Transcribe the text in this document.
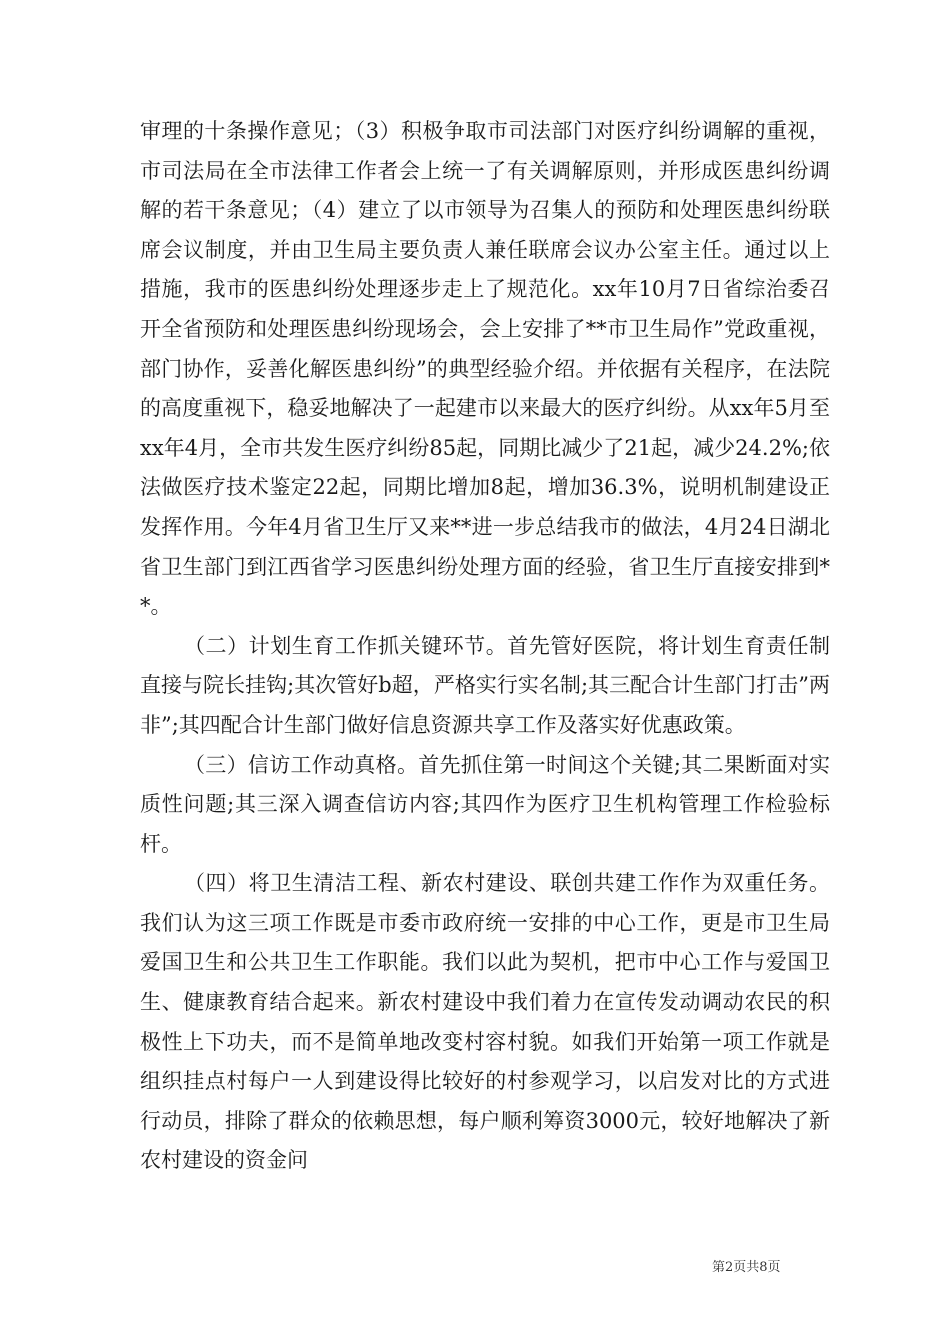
审理的十条操作意见；（3）积极争取市司法部门对医疗纠纷调解的重视，市司法局在全市法律工作者会上统一了有关调解原则，并形成医患纠纷调解的若干条意见；（4）建立了以市领导为召集人的预防和处理医患纠纷联席会议制度，并由卫生局主要负责人兼任联席会议办公室主任。通过以上措施，我市的医患纠纷处理逐步走上了规范化。xx年10月7日省综治委召开全省预防和处理医患纠纷现场会，会上安排了**市卫生局作”党政重视，部门协作，妥善化解医患纠纷”的典型经验介绍。并依据有关程序，在法院的高度重视下，稳妥地解决了一起建市以来最大的医疗纠纷。从xx年5月至xx年4月，全市共发生医疗纠纷85起，同期比减少了21起，减少24.2%;依法做医疗技术鉴定22起，同期比增加8起，增加36.3%，说明机制建设正发挥作用。今年4月省卫生厅又来**进一步总结我市的做法，4月24日湖北省卫生部门到江西省学习医患纠纷处理方面的经验，省卫生厅直接安排到**。

（二）计划生育工作抓关键环节。首先管好医院，将计划生育责任制直接与院长挂钩;其次管好b超，严格实行实名制;其三配合计生部门打击”两非”;其四配合计生部门做好信息资源共享工作及落实好优惠政策。

（三）信访工作动真格。首先抓住第一时间这个关键;其二果断面对实质性问题;其三深入调查信访内容;其四作为医疗卫生机构管理工作检验标杆。

（四）将卫生清洁工程、新农村建设、联创共建工作作为双重任务。我们认为这三项工作既是市委市政府统一安排的中心工作，更是市卫生局爱国卫生和公共卫生工作职能。我们以此为契机，把市中心工作与爱国卫生、健康教育结合起来。新农村建设中我们着力在宣传发动调动农民的积极性上下功夫，而不是简单地改变村容村貌。如我们开始第一项工作就是组织挂点村每户一人到建设得比较好的村参观学习，以启发对比的方式进行动员，排除了群众的依赖思想，每户顺利筹资3000元，较好地解决了新农村建设的资金问

第2页共8页
